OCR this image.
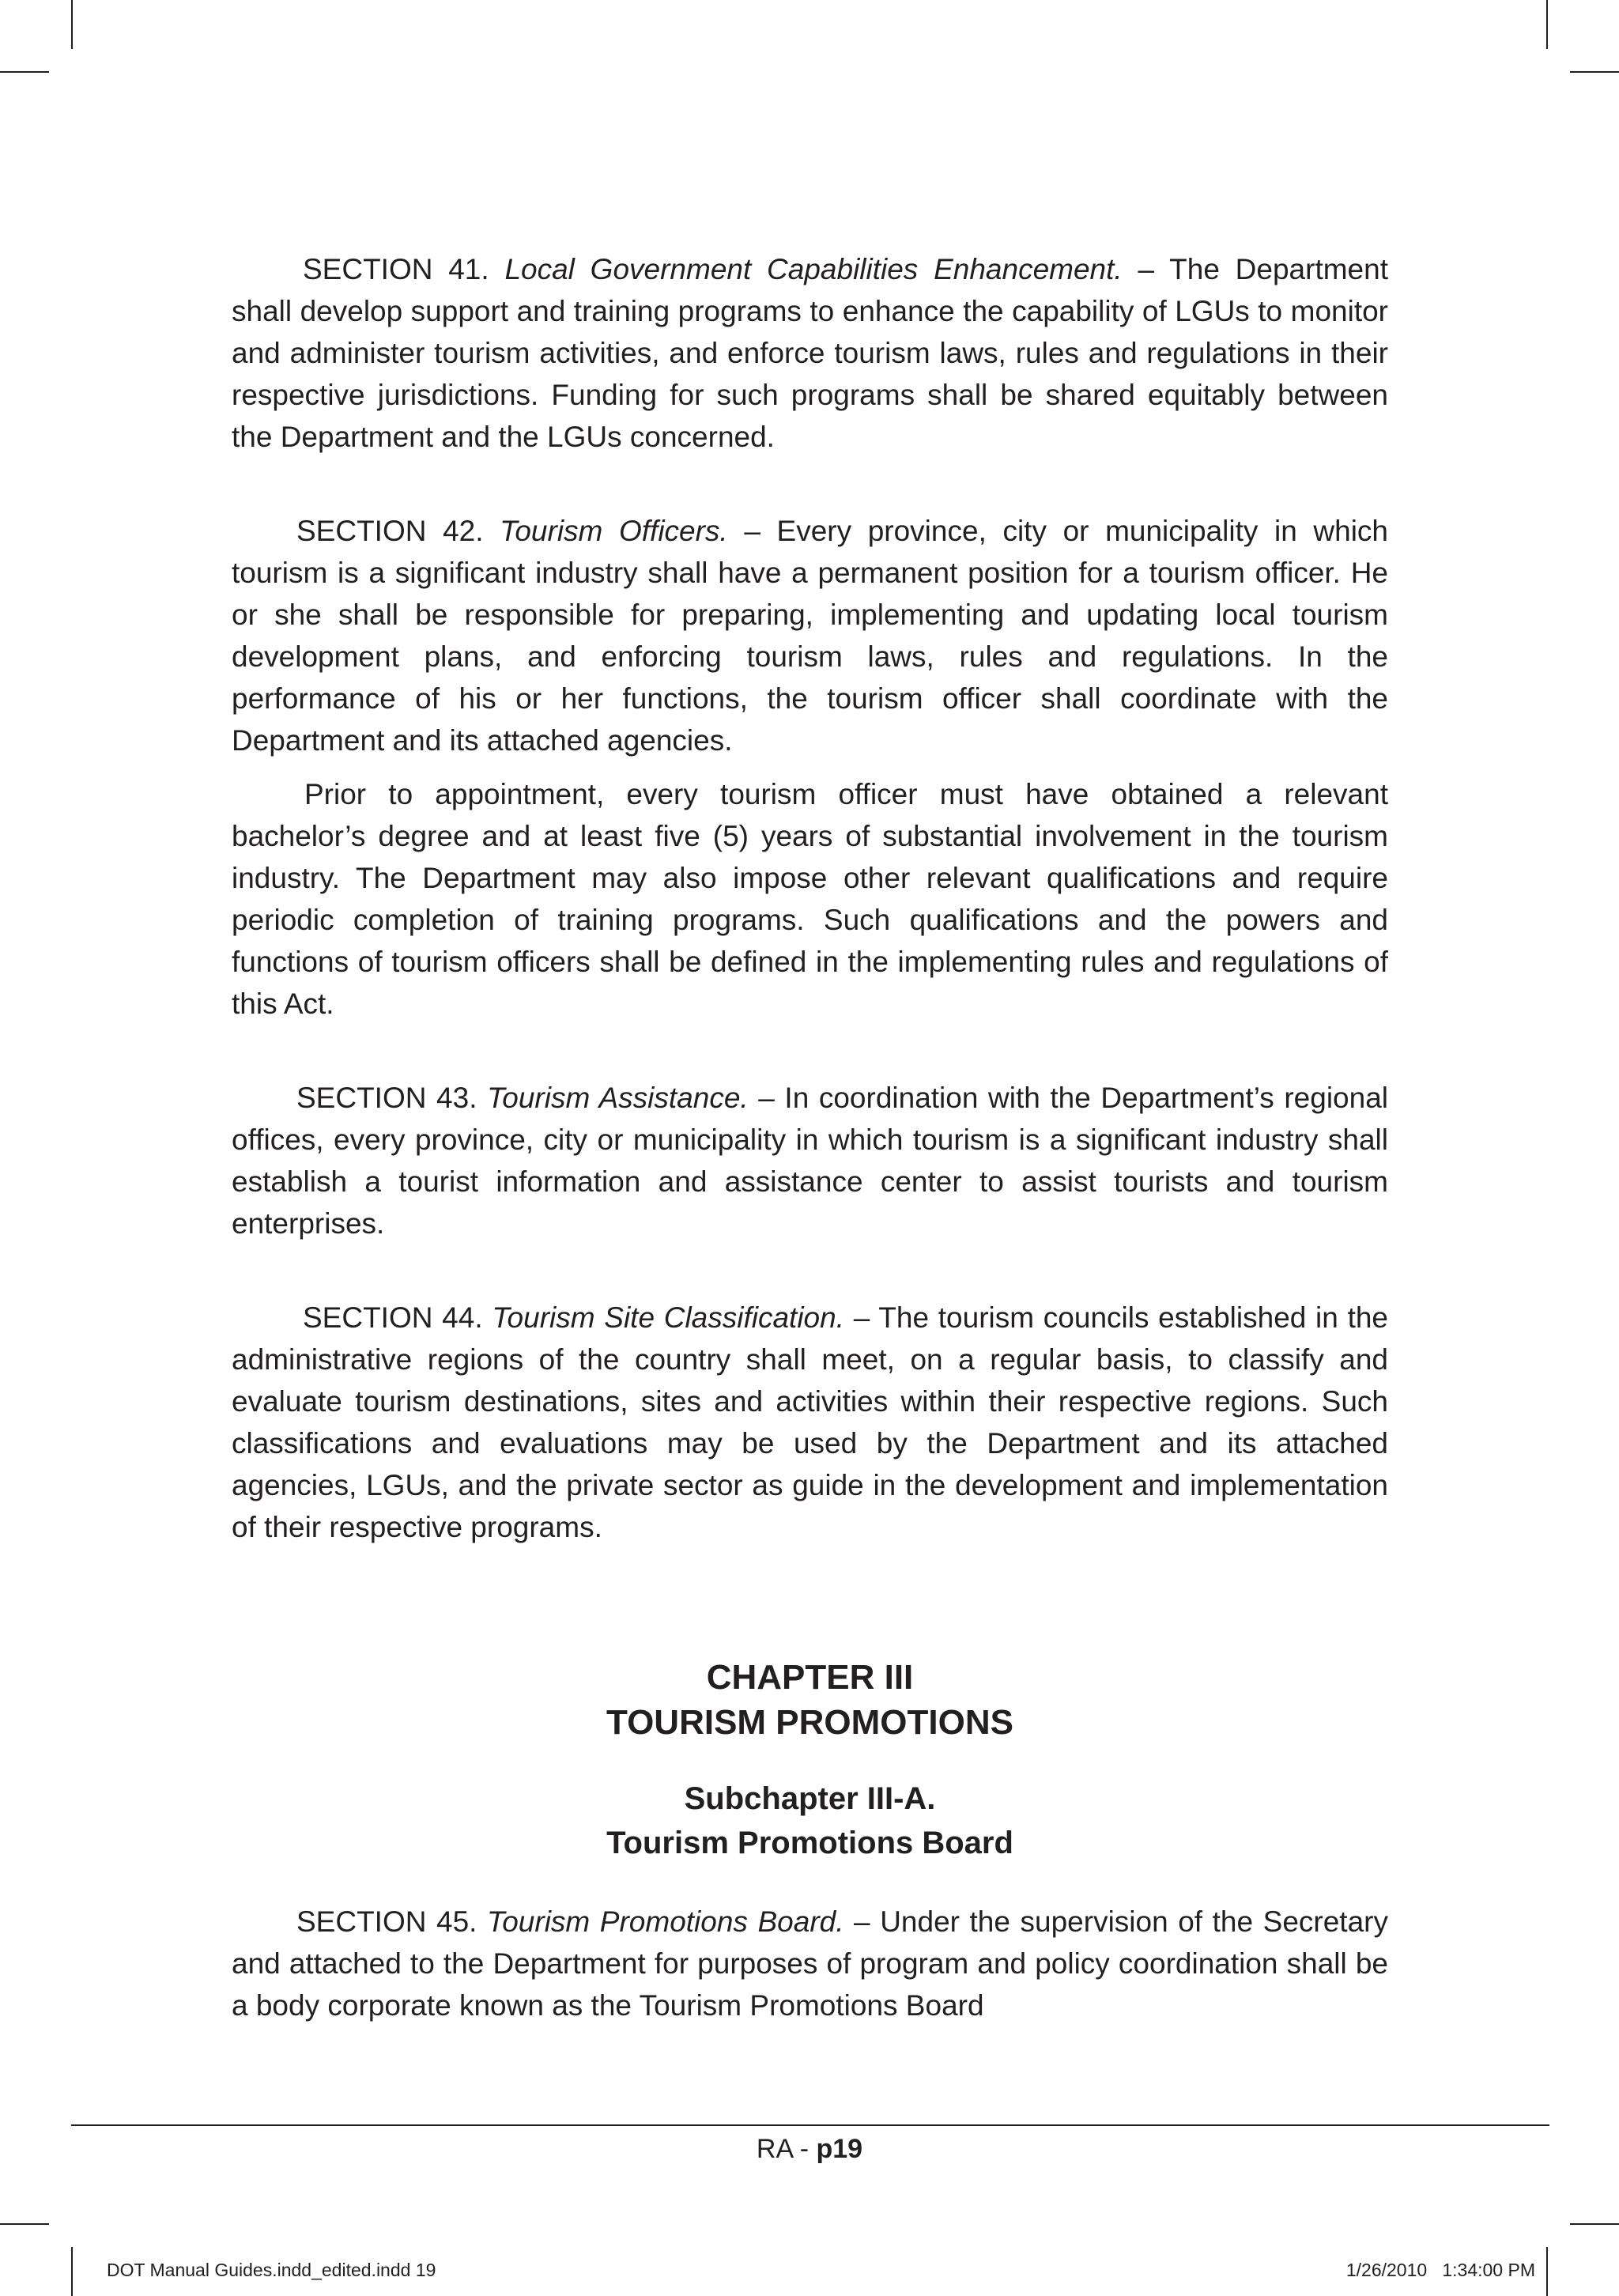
SECTION 41. Local Government Capabilities Enhancement. – The Department shall develop support and training programs to enhance the capability of LGUs to monitor and administer tourism activities, and enforce tourism laws, rules and regulations in their respective jurisdictions. Funding for such programs shall be shared equitably between the Department and the LGUs concerned.

SECTION 42. Tourism Officers. – Every province, city or municipality in which tourism is a significant industry shall have a permanent position for a tourism officer. He or she shall be responsible for preparing, implementing and updating local tourism development plans, and enforcing tourism laws, rules and regulations. In the performance of his or her functions, the tourism officer shall coordinate with the Department and its attached agencies.

Prior to appointment, every tourism officer must have obtained a relevant bachelor’s degree and at least five (5) years of substantial involvement in the tourism industry. The Department may also impose other relevant qualifications and require periodic completion of training programs. Such qualifications and the powers and functions of tourism officers shall be defined in the implementing rules and regulations of this Act.

SECTION 43. Tourism Assistance. – In coordination with the Department’s regional offices, every province, city or municipality in which tourism is a significant industry shall establish a tourist information and assistance center to assist tourists and tourism enterprises.

SECTION 44. Tourism Site Classification. – The tourism councils established in the administrative regions of the country shall meet, on a regular basis, to classify and evaluate tourism destinations, sites and activities within their respective regions. Such classifications and evaluations may be used by the Department and its attached agencies, LGUs, and the private sector as guide in the development and implementation of their respective programs.

CHAPTER III
TOURISM PROMOTIONS
Subchapter III-A.
Tourism Promotions Board

SECTION 45. Tourism Promotions Board. – Under the supervision of the Secretary and attached to the Department for purposes of program and policy coordination shall be a body corporate known as the Tourism Promotions Board

RA - p19
DOT Manual Guides.indd_edited.indd 19	1/26/2010 1:34:00 PM
